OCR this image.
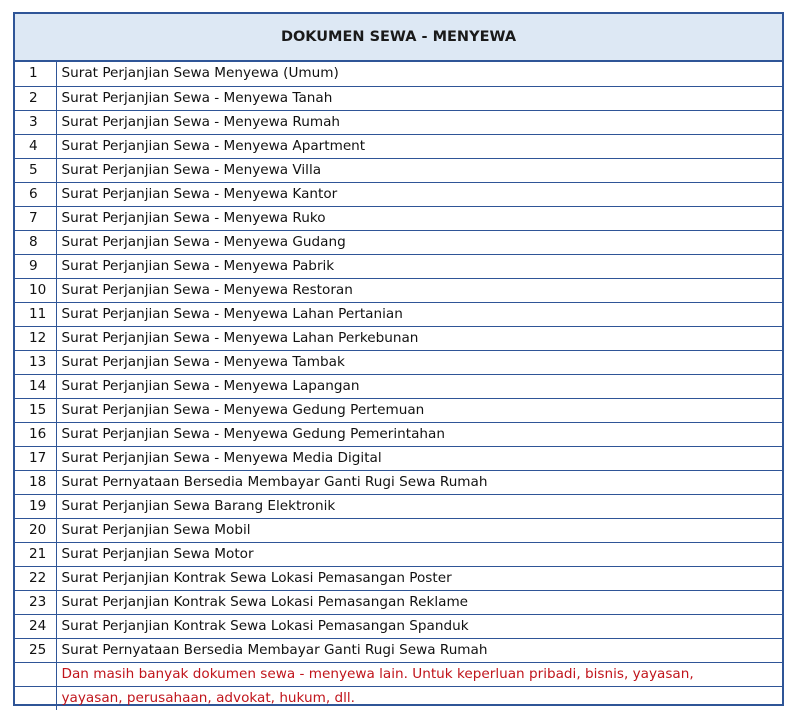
DOKUMEN SEWA - MENYEWA
1	Surat Perjanjian Sewa Menyewa (Umum)
2	Surat Perjanjian Sewa - Menyewa Tanah
3	Surat Perjanjian Sewa - Menyewa Rumah
4	Surat Perjanjian Sewa - Menyewa Apartment
5	Surat Perjanjian Sewa - Menyewa Villa
6	Surat Perjanjian Sewa - Menyewa Kantor
7	Surat Perjanjian Sewa - Menyewa Ruko
8	Surat Perjanjian Sewa - Menyewa Gudang
9	Surat Perjanjian Sewa - Menyewa Pabrik
10	Surat Perjanjian Sewa - Menyewa Restoran
11	Surat Perjanjian Sewa - Menyewa Lahan Pertanian
12	Surat Perjanjian Sewa - Menyewa Lahan Perkebunan
13	Surat Perjanjian Sewa - Menyewa Tambak
14	Surat Perjanjian Sewa - Menyewa Lapangan
15	Surat Perjanjian Sewa - Menyewa Gedung Pertemuan
16	Surat Perjanjian Sewa - Menyewa Gedung Pemerintahan
17	Surat Perjanjian Sewa - Menyewa Media Digital
18	Surat Pernyataan Bersedia Membayar Ganti Rugi Sewa Rumah
19	Surat Perjanjian Sewa Barang Elektronik
20	Surat Perjanjian Sewa Mobil
21	Surat Perjanjian Sewa Motor
22	Surat Perjanjian Kontrak Sewa Lokasi Pemasangan Poster
23	Surat Perjanjian Kontrak Sewa Lokasi Pemasangan Reklame
24	Surat Perjanjian Kontrak Sewa Lokasi Pemasangan Spanduk
25	Surat Pernyataan Bersedia Membayar Ganti Rugi Sewa Rumah
	Dan masih banyak dokumen sewa - menyewa lain. Untuk keperluan pribadi, bisnis, yayasan,
	yayasan, perusahaan, advokat, hukum, dll.
